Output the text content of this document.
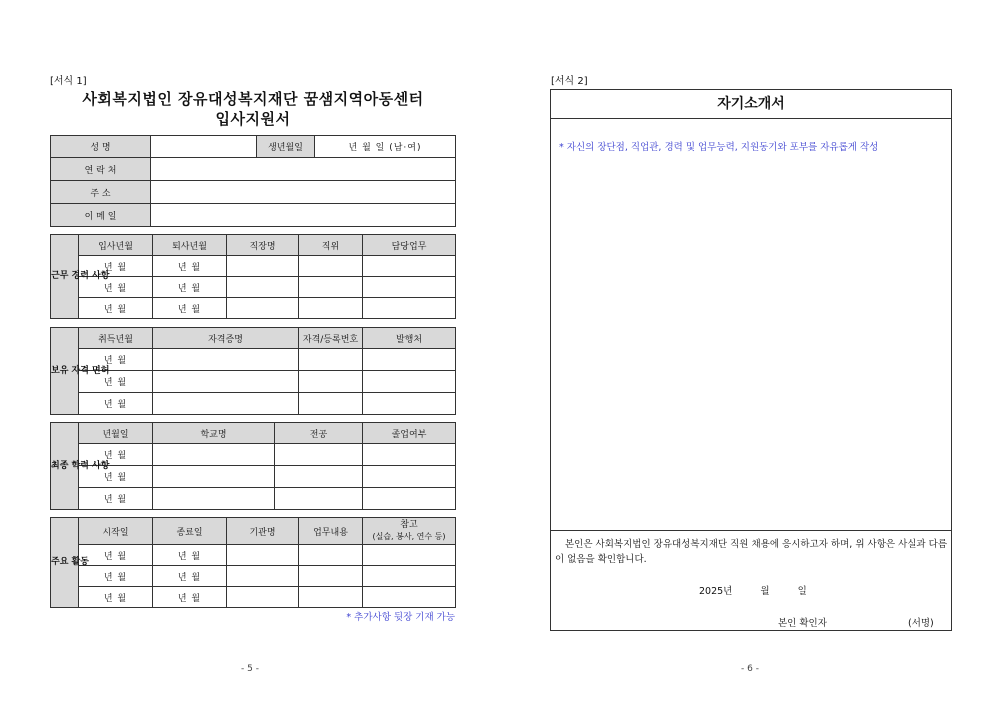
[서식 1]
사회복지법인 장유대성복지재단 꿈샘지역아동센터
입사지원서
성 명		생년월일	년 월 일 (남·여)
연 락 처			
주 소			
이 메 일			
근무 경력 사항	입사년월	퇴사년월	직장명	직위	담당업무
	년 월	년 월			
	년 월	년 월			
	년 월	년 월			
보유 자격 면허	취득년월	자격증명	자격/등록번호	발행처
	년 월			
	년 월			
	년 월			
최종 학력 사항	년월일	학교명	전공	졸업여부
	년 월			
	년 월			
	년 월			
주요 활동	시작일	종료일	기관명	업무내용	참고
(실습, 봉사, 연수 등)

	년 월	년 월			
	년 월	년 월			
	년 월	년 월			
* 추가사항 뒷장 기재 가능
- 5 -
[서식 2]
자기소개서
* 자신의 장단점, 직업관, 경력 및 업무능력, 지원동기와 포부를 자유롭게 작성
본인은 사회복지법인 장유대성복지재단 직원 채용에 응시하고자 하며, 위 사항은 사실과 다름이 없음을 확인합니다.
2025년	월	일
본인 확인자	(서명)
- 6 -
